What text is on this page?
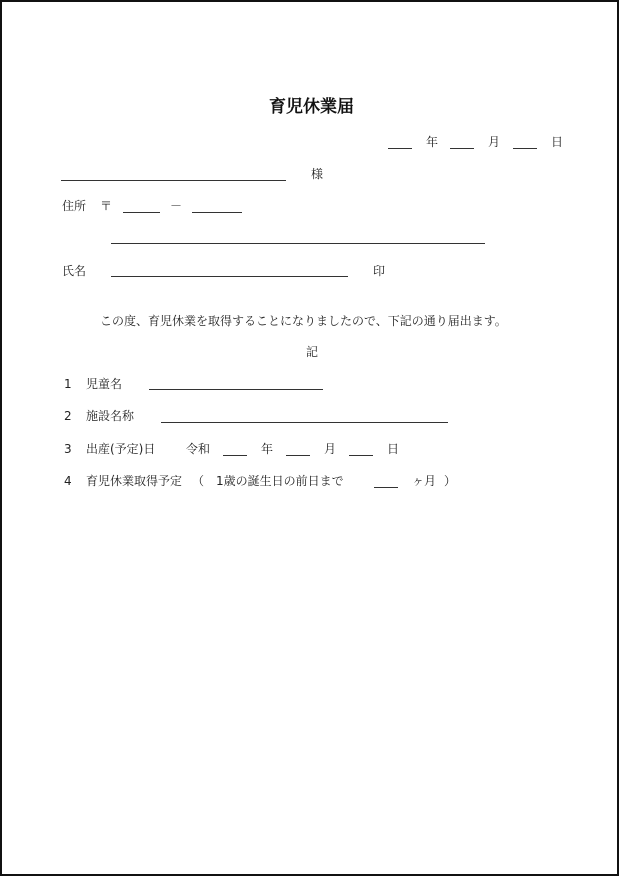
育児休業届
年	月	日
様
住所 〒	－
氏名	印
この度、育児休業を取得することになりましたので、下記の通り届出ます。
記
1 児童名
2 施設名称
3 出産(予定)日	令和	年	月	日
4 育児休業取得予定 （ 1歳の誕生日の前日まで	ヶ月 ）
